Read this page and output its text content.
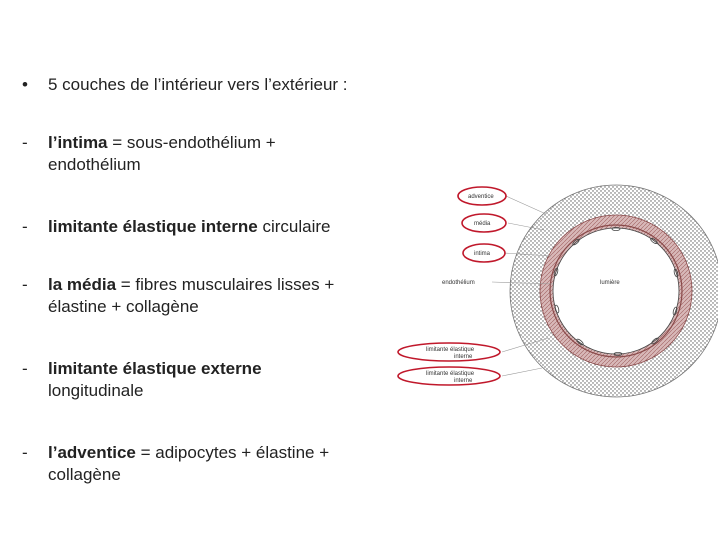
•	5 couches de l’intérieur vers l’extérieur :
-	l’intima = sous-endothélium + endothélium
-	limitante élastique interne circulaire
-	la média = fibres musculaires lisses + élastine + collagène
-	limitante élastique externe longitudinale
-	l’adventice = adipocytes + élastine + collagène
adventice
média
intima
endothélium	lumière
limitante élastique
interne
limitante élastique
interne
